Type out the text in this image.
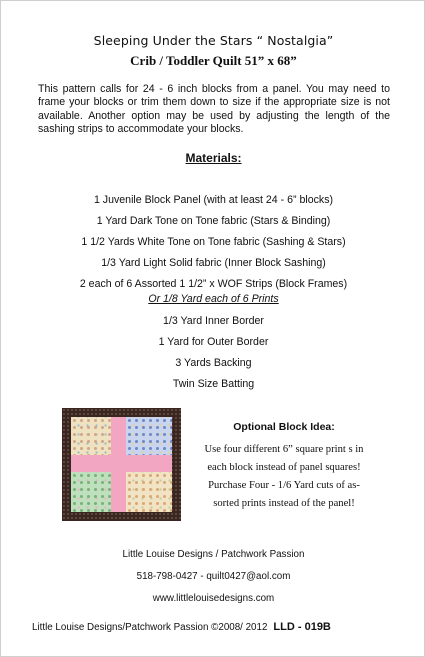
Sleeping Under the Stars “ Nostalgia”
Crib / Toddler Quilt 51” x 68”
This pattern calls for 24 - 6 inch blocks from a panel. You may need to frame your blocks or trim them down to size if the appropriate size is not available. Another option may be used by adjusting the length of the sashing strips to accommodate your blocks.
Materials:
1 Juvenile Block Panel (with at least 24 - 6” blocks)
1 Yard Dark Tone on Tone fabric (Stars & Binding)
1 1/2 Yards White Tone on Tone fabric (Sashing & Stars)
1/3 Yard Light Solid fabric (Inner Block Sashing)
2 each of 6 Assorted 1 1/2” x WOF Strips (Block Frames)
Or 1/8 Yard each of 6 Prints
1/3 Yard Inner Border
1 Yard for Outer Border
3 Yards Backing
Twin Size Batting
Optional Block Idea:
Use four different 6” square print s in
each block instead of panel squares!
Purchase Four - 1/6 Yard cuts of as-
sorted prints instead of the panel!
Little Louise Designs / Patchwork Passion
518-798-0427 - quilt0427@aol.com
www.littlelouisedesigns.com
Little Louise Designs/Patchwork Passion ©2008/ 2012 LLD - 019B
